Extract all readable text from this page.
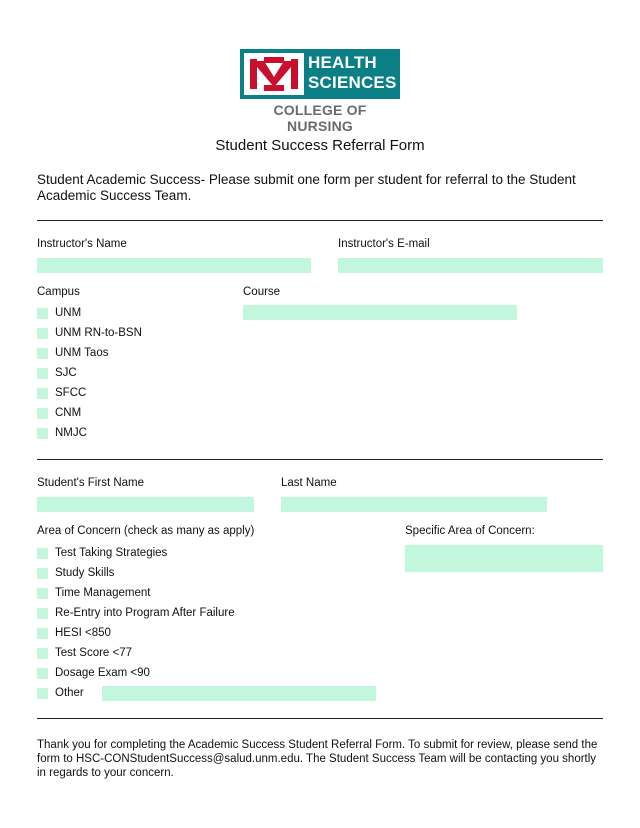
HEALTH
SCIENCES
COLLEGE OF NURSING
Student Success Referral Form
Student Academic Success- Please submit one form per student for referral to the Student Academic Success Team.
Instructor's Name	Instructor's E-mail
Campus	Course
UNM
UNM RN-to-BSN
UNM Taos
SJC
SFCC
CNM
NMJC
Student's First Name	Last Name
Area of Concern (check as many as apply)	Specific Area of Concern:
Test Taking Strategies
Study Skills
Time Management
Re-Entry into Program After Failure
HESI <850
Test Score <77
Dosage Exam <90
Other
Thank you for completing the Academic Success Student Referral Form. To submit for review, please send the form to HSC-CONStudentSuccess@salud.unm.edu. The Student Success Team will be contacting you shortly in regards to your concern.
